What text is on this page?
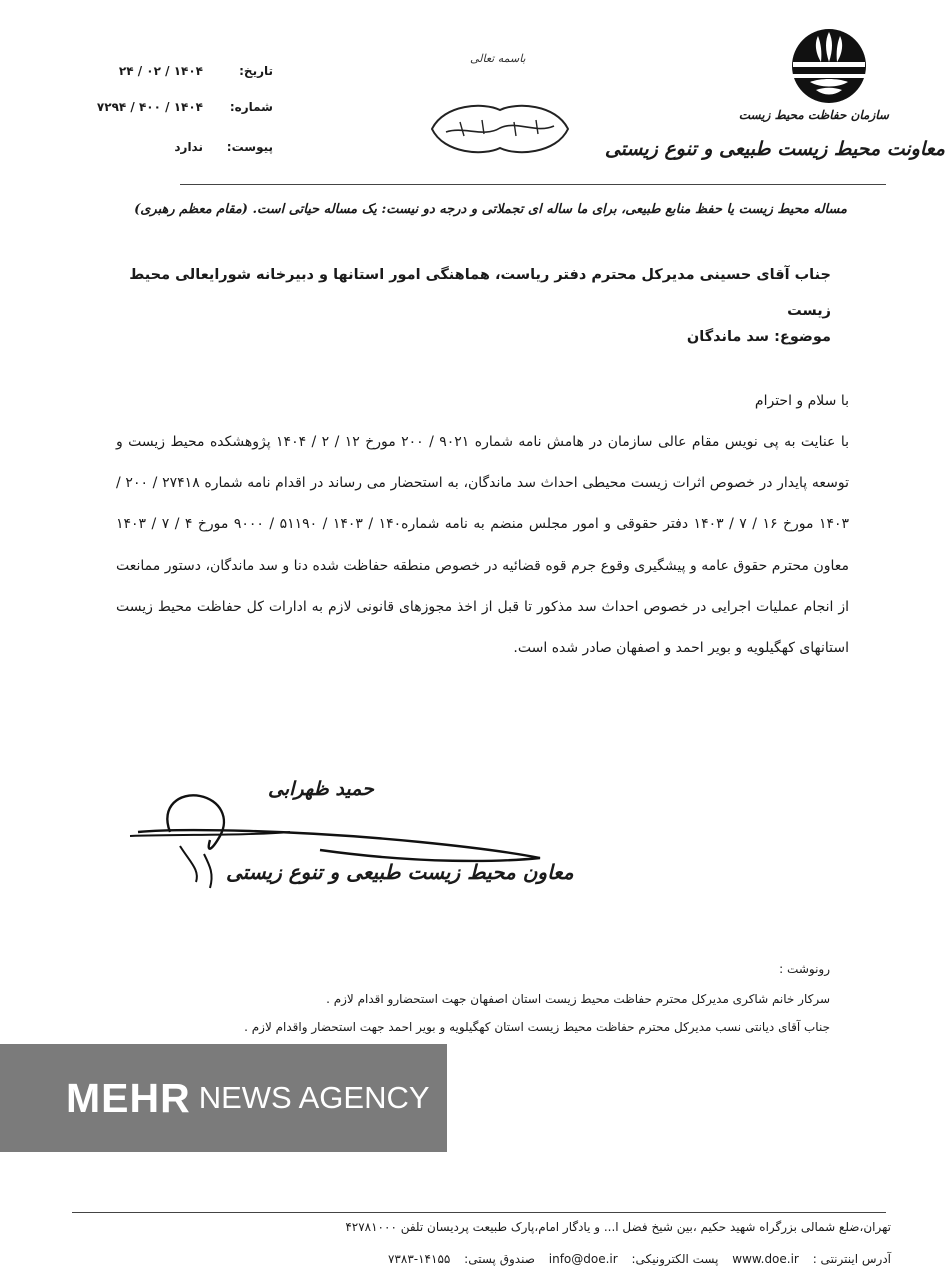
سازمان حفاظت محیط زیست
معاونت محیط زیست طبیعی و تنوع زیستی
باسمه تعالی
تاریخ:۱۴۰۴ / ۰۲ / ۲۴
شماره:۱۴۰۴ / ۴۰۰ / ۷۲۹۴
پیوست:ندارد
مساله محیط زیست یا حفظ منابع طبیعی، برای ما ساله ای تجملاتی و درجه دو نیست: یک مساله حیاتی است. (مقام معظم رهبری)
جناب آقای حسینی مدیرکل محترم دفتر ریاست، هماهنگی امور استانها و دبیرخانه شورایعالی محیط زیست
موضوع: سد ماندگان
با سلام و احترام
با عنایت به پی نویس مقام عالی سازمان در هامش نامه شماره ۹۰۲۱ / ۲۰۰ مورخ ۱۲ / ۲ / ۱۴۰۴ پژوهشکده محیط زیست و توسعه پایدار در خصوص اثرات زیست محیطی احداث سد ماندگان، به استحضار می رساند در اقدام نامه شماره ۲۷۴۱۸ / ۲۰۰ / ۱۴۰۳ مورخ ۱۶ / ۷ / ۱۴۰۳ دفتر حقوقی و امور مجلس منضم به نامه شماره۱۴۰ / ۱۴۰۳ / ۵۱۱۹۰ / ۹۰۰۰ مورخ ۴ / ۷ / ۱۴۰۳ معاون محترم حقوق عامه و پیشگیری وقوع جرم قوه قضائیه در خصوص منطقه حفاظت شده دنا و سد ماندگان، دستور ممانعت از انجام عملیات اجرایی در خصوص احداث سد مذکور تا قبل از اخذ مجوزهای قانونی لازم به ادارات کل حفاظت محیط زیست استانهای کهگیلویه و بویر احمد و اصفهان صادر شده است.
حمید ظهرابی
معاون محیط زیست طبیعی و تنوع زیستی
رونوشت :
سرکار خانم شاکری مدیرکل محترم حفاظت محیط زیست استان اصفهان جهت استحضارو اقدام لازم .
جناب آقای دیانتی نسب مدیرکل محترم حفاظت محیط زیست استان کهگیلویه و بویر احمد جهت استحضار واقدام لازم .
MEHR NEWS AGENCY
تهران،ضلع شمالی بزرگراه شهید حکیم ،بین شیخ فضل ا... و یادگار امام،پارک طبیعت پردیسان تلفن ۴۲۷۸۱۰۰۰
آدرس اینترنتی : www.doe.ir پست الکترونیکی: info@doe.ir صندوق پستی: ۱۴۱۵۵-۷۳۸۳
